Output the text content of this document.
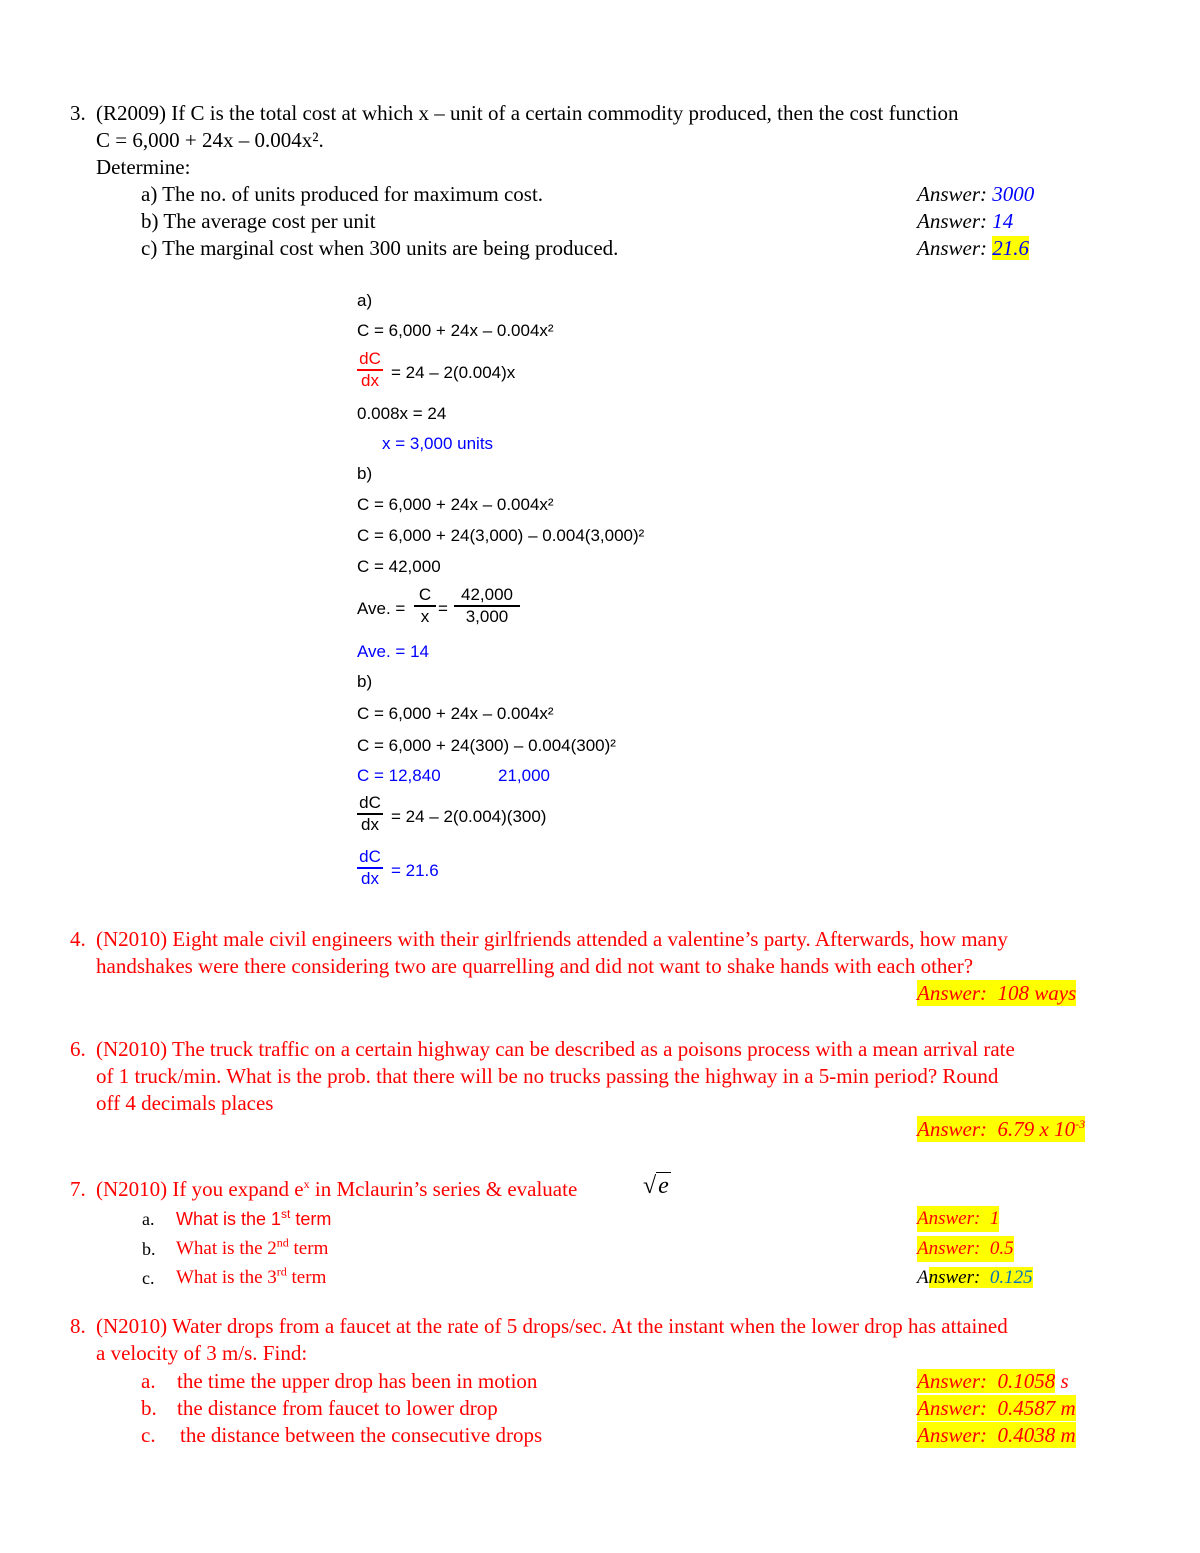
3. (R2009) If C is the total cost at which x – unit of a certain commodity produced, then the cost function
C = 6,000 + 24x – 0.004x².
Determine:
a) The no. of units produced for maximum cost.	Answer: 3000
b) The average cost per unit	Answer: 14
c) The marginal cost when 300 units are being produced.	Answer: 21.6
a)
C = 6,000 + 24x – 0.004x²
dC
dx = 24 – 2(0.004)x
0.008x = 24
x = 3,000 units
b)
C = 6,000 + 24x – 0.004x²
C = 6,000 + 24(3,000) – 0.004(3,000)²
C = 42,000
Ave. =
C
x =
42,000
3,000
Ave. = 14
b)
C = 6,000 + 24x – 0.004x²
C = 6,000 + 24(300) – 0.004(300)²
C = 12,840	21,000
dC
dx = 24 – 2(0.004)(300)
dC
dx = 21.6
4. (N2010) Eight male civil engineers with their girlfriends attended a valentine’s party. Afterwards, how many
handshakes were there considering two are quarrelling and did not want to shake hands with each other?
Answer: 108 ways
6. (N2010) The truck traffic on a certain highway can be described as a poisons process with a mean arrival rate
of 1 truck/min. What is the prob. that there will be no trucks passing the highway in a 5-min period? Round
off 4 decimals places
Answer: 6.79 x $10^{-3}$
7. (N2010) If you expand $e^x$ in Mclaurin’s series & evaluate	√e
a. What is the 1st term	Answer: 1
b. What is the 2nd term	Answer: 0.5
c. What is the 3rd term	Answer:  0.125
8. (N2010) Water drops from a faucet at the rate of 5 drops/sec. At the instant when the lower drop has attained
a velocity of 3 m/s. Find:
a. the time the upper drop has been in motion	Answer: 0.1058 s
b. the distance from faucet to lower drop	Answer: 0.4587 m
c. the distance between the consecutive drops	Answer: 0.4038 m
